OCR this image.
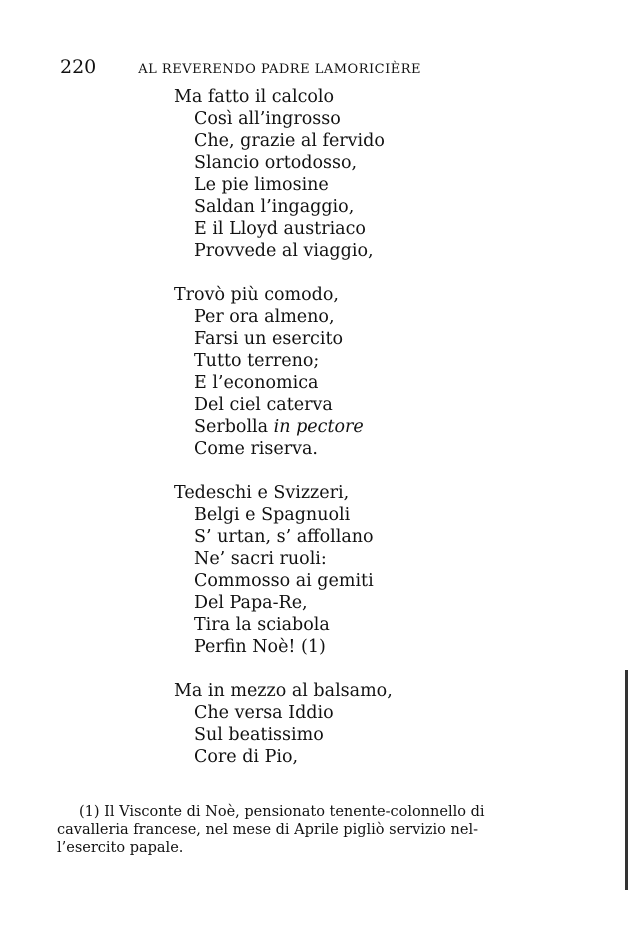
220	AL REVERENDO PADRE LAMORICIÈRE
Ma fatto il calcolo
Così all’ingrosso
Che, grazie al fervido
Slancio ortodosso,
Le pie limosine
Saldan l’ingaggio,
E il Lloyd austriaco
Provvede al viaggio,
Trovò più comodo,
Per ora almeno,
Farsi un esercito
Tutto terreno;
E l’economica
Del ciel caterva
Serbolla in pectore
Come riserva.
Tedeschi e Svizzeri,
Belgi e Spagnuoli
S’ urtan, s’ affollano
Ne’ sacri ruoli:
Commosso ai gemiti
Del Papa-Re,
Tira la sciabola
Perfin Noè! (1)
Ma in mezzo al balsamo,
Che versa Iddio
Sul beatissimo
Core di Pio,
(1) Il Visconte di Noè, pensionato tenente-colonnello di
cavalleria francese, nel mese di Aprile pigliò servizio nel-
l’esercito papale.
